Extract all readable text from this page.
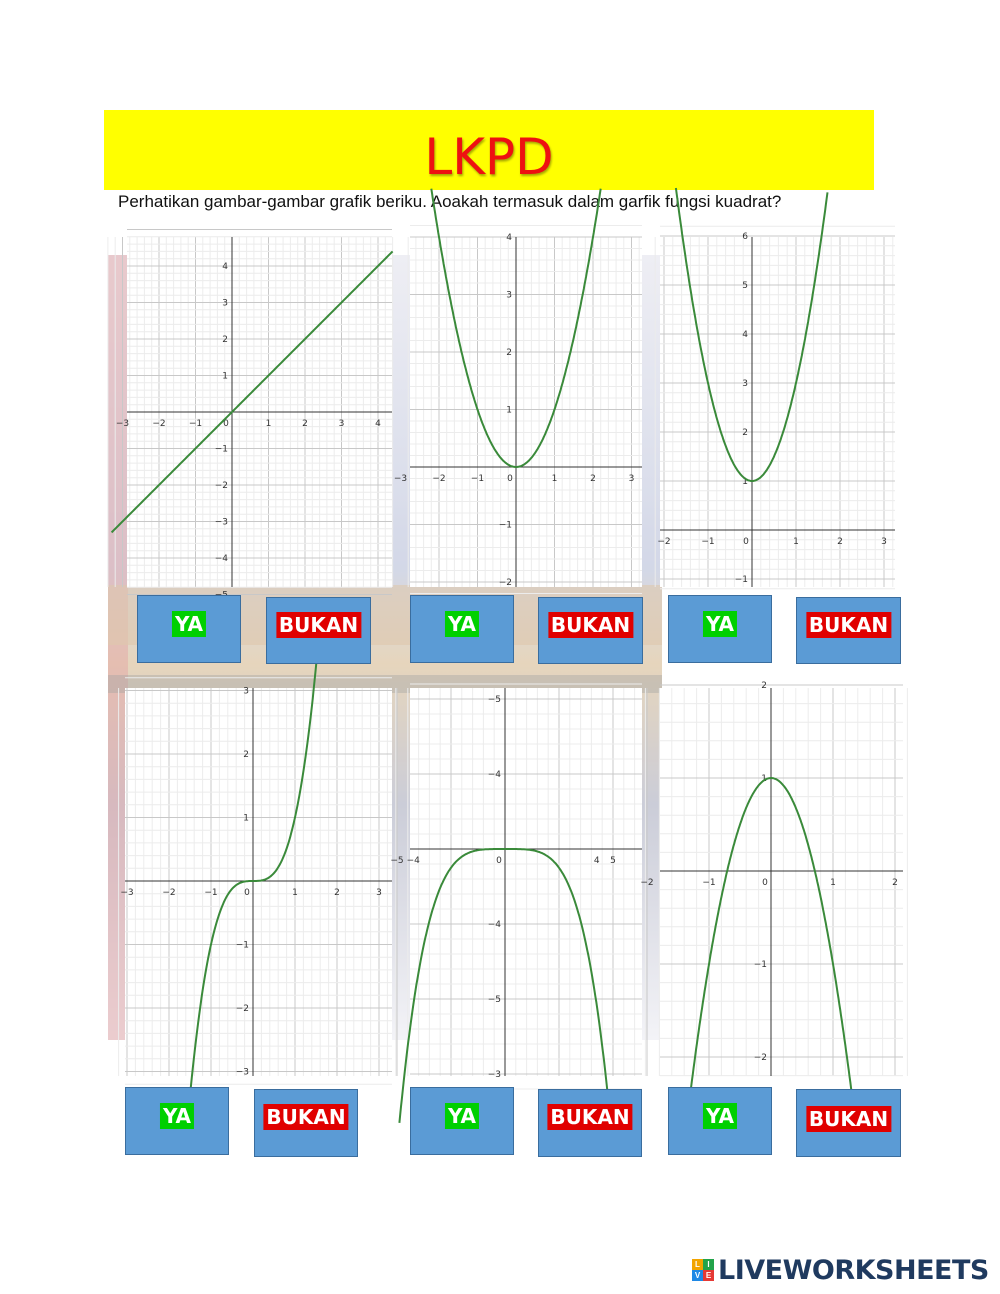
LKPD
Perhatikan gambar-gambar grafik beriku. Aoakah termasuk dalam garfik fungsi kuadrat?
−3	−2	−1 0	1	2	3	4
4
3
2
1
−1
−2
−3
−4
−3	−2	−1	0	1	2	3
4
3
2
1
−1
−2
−2	−1	0	1	2	3
6
5
4
3
2
1
−1
−3	−2	−1	0	1	2	3
3
2
1
−1
−2
−3
−5 −4	0	4 5
−5
−4
−4
−5
−3
−2	−1	0	1	2
2
1
−1
−2
YA	BUKAN	YA	BUKAN	YA	BUKAN
YA	BUKAN	YA	BUKAN	YA	BUKAN
L I
V E LIVEWORKSHEETS
